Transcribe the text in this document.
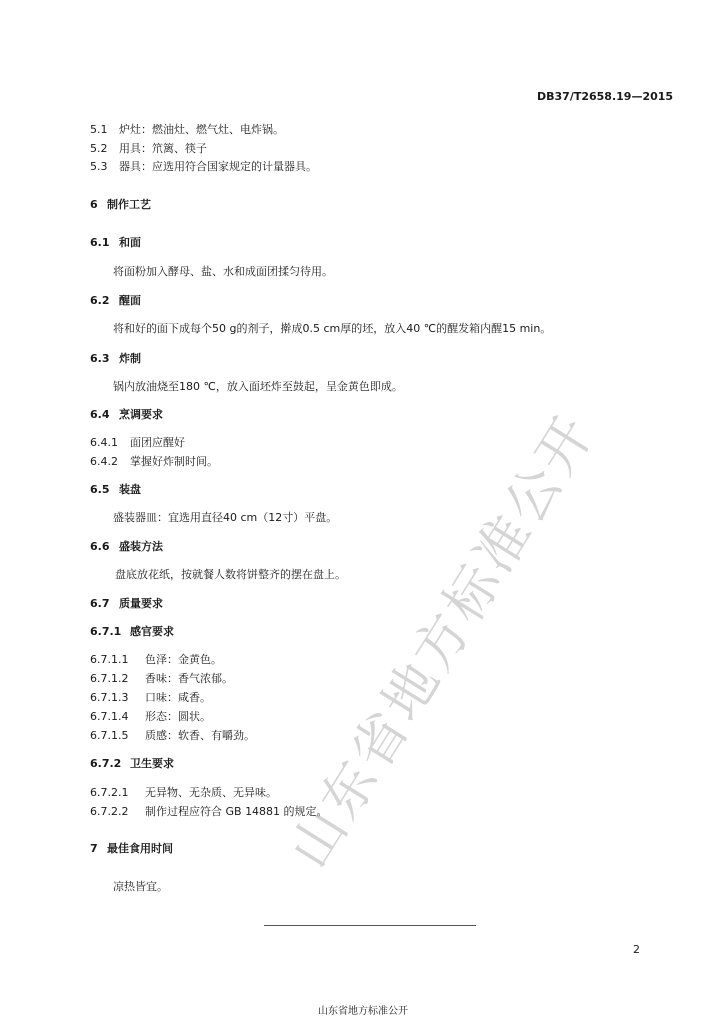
DB37/T2658.19—2015
5.1 炉灶：燃油灶、燃气灶、电炸锅。
5.2 用具：笊篱、筷子
5.3 器具：应选用符合国家规定的计量器具。
6 制作工艺
6.1 和面
将面粉加入酵母、盐、水和成面团揉匀待用。
6.2 醒面
将和好的面下成每个50 g的剂子，擀成0.5 cm厚的坯，放入40 ℃的醒发箱内醒15 min。
6.3 炸制
锅内放油烧至180 ℃，放入面坯炸至鼓起，呈金黄色即成。
6.4 烹调要求
6.4.1 面团应醒好
6.4.2 掌握好炸制时间。
6.5 装盘
盛装器皿：宜选用直径40 cm（12寸）平盘。
6.6 盛装方法
盘底放花纸，按就餐人数将饼整齐的摆在盘上。
6.7 质量要求
6.7.1 感官要求
6.7.1.1 色泽：金黄色。
6.7.1.2 香味：香气浓郁。
6.7.1.3 口味：咸香。
6.7.1.4 形态：圆状。
6.7.1.5 质感：软香、有嚼劲。
6.7.2 卫生要求
6.7.2.1 无异物、无杂质、无异味。
6.7.2.2 制作过程应符合 GB 14881 的规定。
7 最佳食用时间
凉热皆宜。
2
山东省地方标准公开
山东省地方标准公开
